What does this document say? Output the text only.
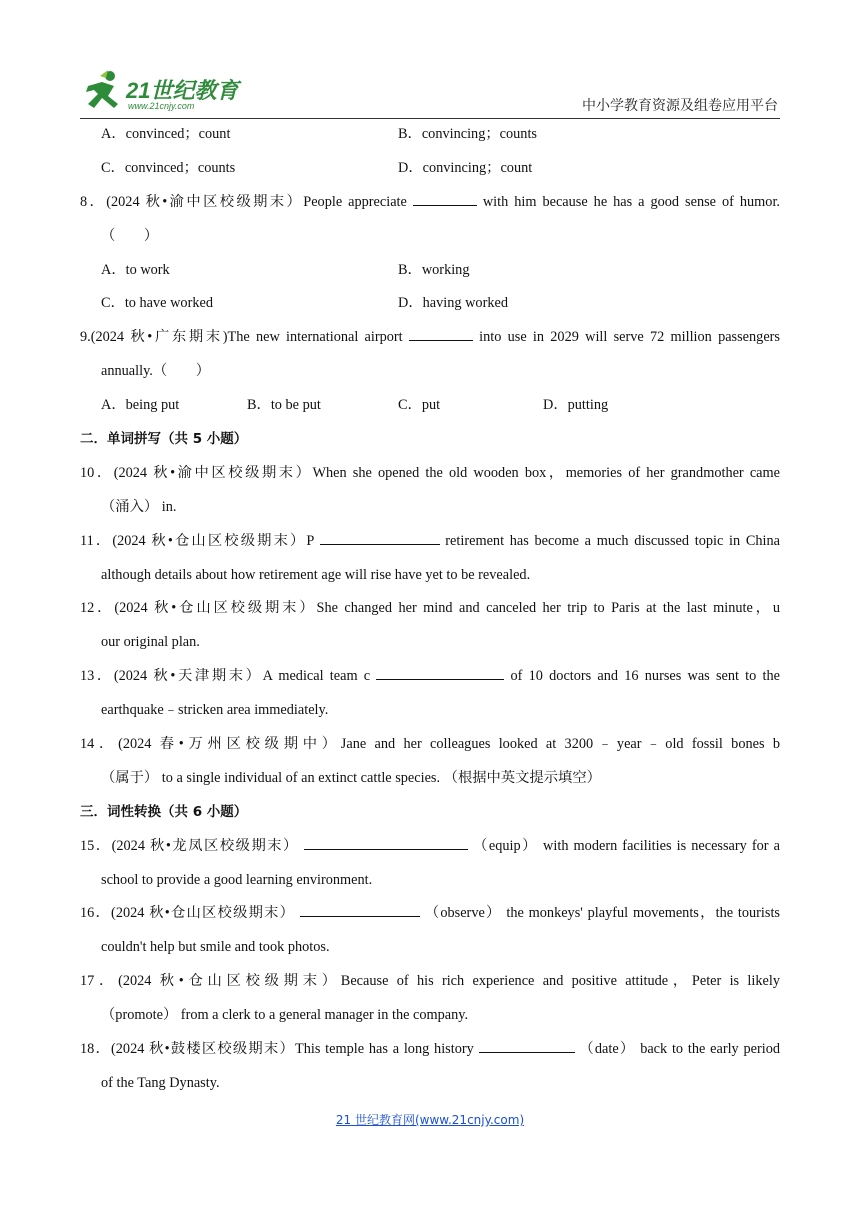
21世纪教育
www.21cnjy.com	中小学教育资源及组卷应用平台
A．convinced；count	B．convincing；counts
C．convinced；counts	D．convincing；count
8．(2024 秋•渝中区校级期末）People appreciate	with him because he has a good sense of humor.
（　　）
A．to work	B．working
C．to have worked	D．having worked
9.(2024 秋•广东期末)The new international airport	into use in 2029 will serve 72 million passengers
annually.（　　）
A．being put	B．to be put	C．put	D．putting
二．单词拼写（共 5 小题）
10．(2024 秋•渝中区校级期末）When she opened the old wooden box，memories of her grandmother came
（涌入） in.
11．(2024 秋•仓山区校级期末）P	retirement has become a much discussed topic in China
although details about how retirement age will rise have yet to be revealed.
12．(2024 秋•仓山区校级期末）She changed her mind and canceled her trip to Paris at the last minute，u
our original plan.
13．(2024 秋•天津期末）A medical team c	of 10 doctors and 16 nurses was sent to the
earthquake﹣stricken area immediately.
14．(2024 春•万州区校级期中）Jane and her colleagues looked at 3200﹣year﹣old fossil bones b
（属于） to a single individual of an extinct cattle species. （根据中英文提示填空）
三．词性转换（共 6 小题）
15．(2024 秋•龙凤区校级期末）	（equip） with modern facilities is necessary for a
school to provide a good learning environment.
16．(2024 秋•仓山区校级期末）	（observe） the monkeys' playful movements，the tourists
couldn't help but smile and took photos.
17．(2024 秋•仓山区校级期末）Because of his rich experience and positive attitude，Peter is likely
（promote） from a clerk to a general manager in the company.
18．(2024 秋•鼓楼区校级期末）This temple has a long history	（date） back to the early period
of the Tang Dynasty.
21 世纪教育网(www.21cnjy.com)
